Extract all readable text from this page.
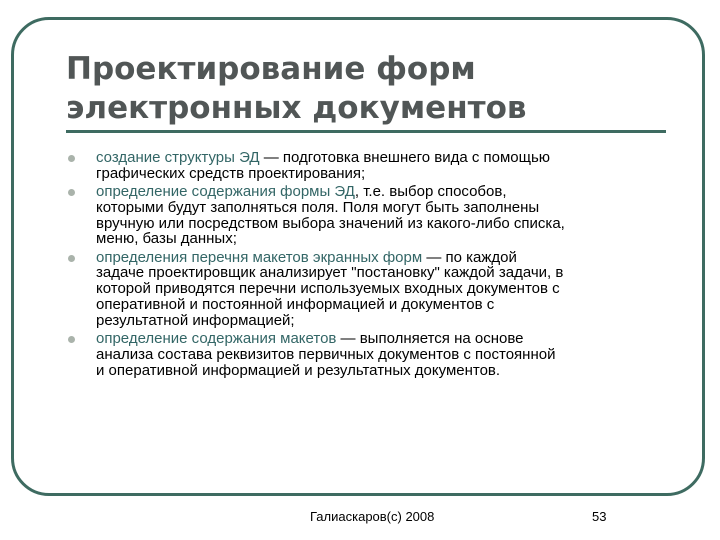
Проектирование форм
электронных документов
создание структуры ЭД — подготовка внешнего вида с помощью
графических средств проектирования;
определение содержания формы ЭД, т.е. выбор способов,
которыми будут заполняться поля. Поля могут быть заполнены
вручную или посредством выбора значений из какого-либо списка,
меню, базы данных;
определения перечня макетов экранных форм — по каждой
задаче проектировщик анализирует "постановку" каждой задачи, в
которой приводятся перечни используемых входных документов с
оперативной и постоянной информацией и документов с
результатной информацией;
определение содержания макетов — выполняется на основе
анализа состава реквизитов первичных документов с постоянной
и оперативной информацией и результатных документов.
Галиаскаров(с) 2008	53
